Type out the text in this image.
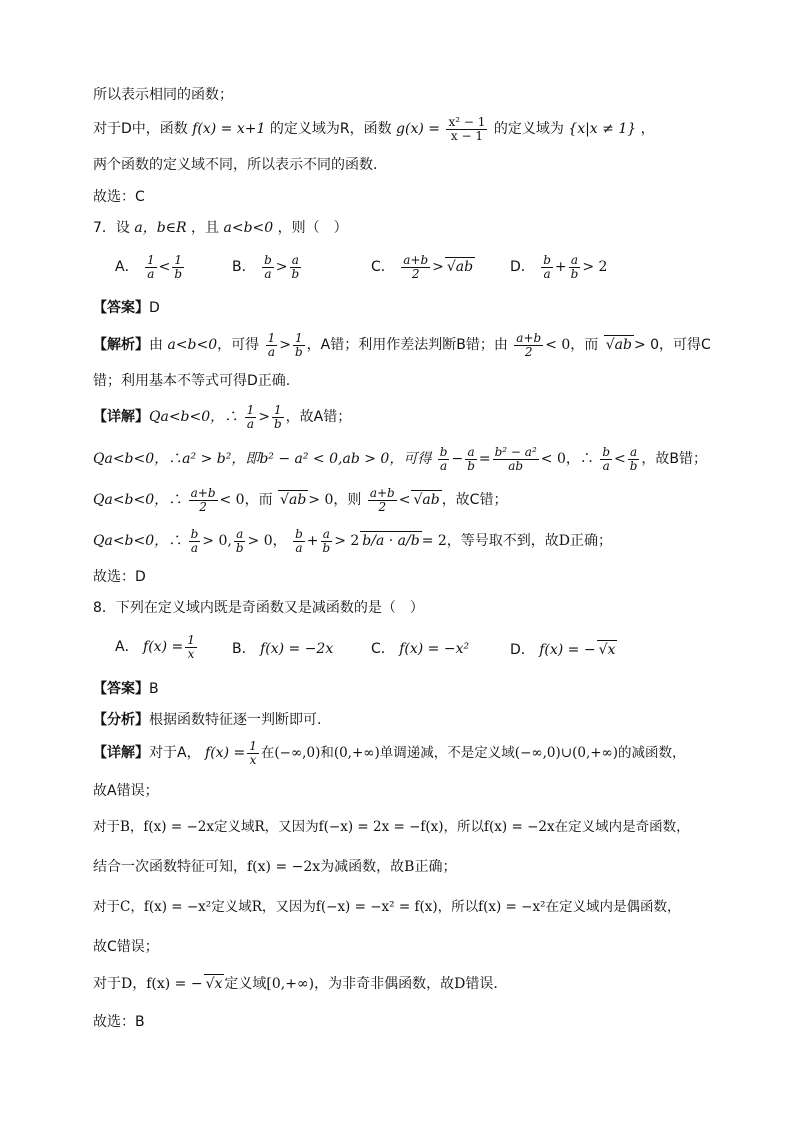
所以表示相同的函数；
对于D中，函数 f(x) = x+1 的定义域为R，函数 $g(x) = \frac{\text{x² − 1}}{x - 1}$ 的定义域为 {x|x ≠ 1} ，
两个函数的定义域不同，所以表示不同的函数.
故选：C
7．设 a，b∈R ，且 a<b<0 ，则（　）
A． $\frac{1}{a} < \frac{1}{b}$	B． $\frac{b}{a} > \frac{a}{b}$	C． $\frac{a+b}{2} > √ab$	D． $\frac{b}{a} + \frac{a}{b} > 2$
【答案】D
【解析】由 a<b<0，可得 $\frac{1}{a} > \frac{1}{b}$ ，A错；利用作差法判断B错；由 $\frac{a+b}{2} < 0$，而 √ab > 0，可得C
错；利用基本不等式可得D正确.
【详解】Qa<b<0，∴ $\frac{1}{a} > \frac{1}{b}$ ，故A错；
Qa<b<0，∴a² > b²，即b² − a² < 0,ab > 0，可得 $\frac{b}{a} - \frac{a}{b} = \frac{\text{b² − a²}}{ab} < 0$，∴ $\frac{b}{a} < \frac{a}{b}$ ，故B错；
Qa<b<0，∴ $\frac{a+b}{2} < 0$，而 √ab > 0，则 $\frac{a+b}{2} < √ab$ ，故C错；
Qa<b<0，∴ $\frac{b}{a} > 0$, $\frac{a}{b} > 0$， $\frac{b}{a} + \frac{a}{b} > 2$ b/a · a/b = 2，等号取不到，故D正确；
故选：D
8．下列在定义域内既是奇函数又是减函数的是（　）
A． $f(x) = \frac{1}{x}$	B． f(x) = −2x	C． f(x) = −x²	D． f(x) = − √x
【答案】B
【分析】根据函数特征逐一判断即可.
【详解】对于A， $f(x) = \frac{1}{x}$ 在(−∞,0)和(0,+∞)单调递减，不是定义域(−∞,0)∪(0,+∞)的减函数，
故A错误；
对于B，f(x) = −2x定义域R，又因为f(−x) = 2x = −f(x)，所以f(x) = −2x在定义域内是奇函数，
结合一次函数特征可知，f(x) = −2x为减函数，故B正确；
对于C，f(x) = −x²定义域R，又因为f(−x) = −x² = f(x)，所以f(x) = −x²在定义域内是偶函数，
故C错误；
对于D，f(x) = − √x 定义域[0,+∞)，为非奇非偶函数，故D错误.
故选：B
